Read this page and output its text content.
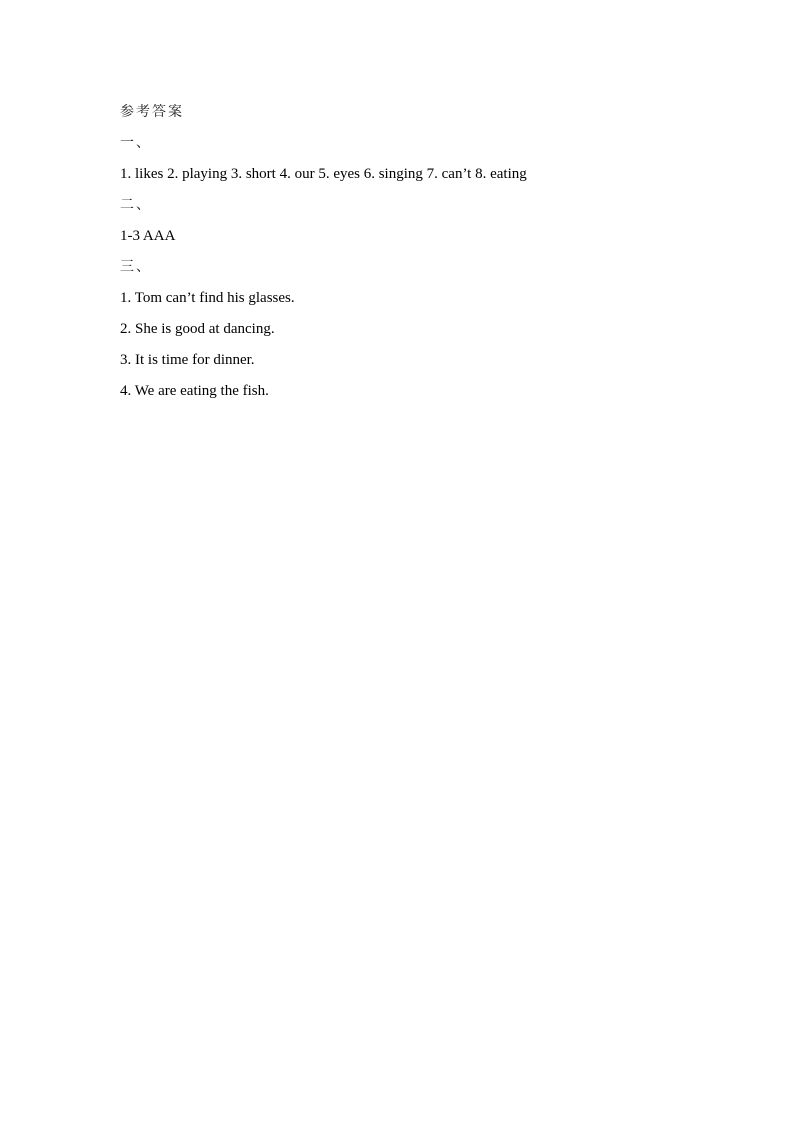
参考答案
一、
1. likes 2. playing 3. short 4. our 5. eyes 6. singing 7. can’t 8. eating
二、
1-3 AAA
三、
1. Tom can’t find his glasses.
2. She is good at dancing.
3. It is time for dinner.
4. We are eating the fish.
